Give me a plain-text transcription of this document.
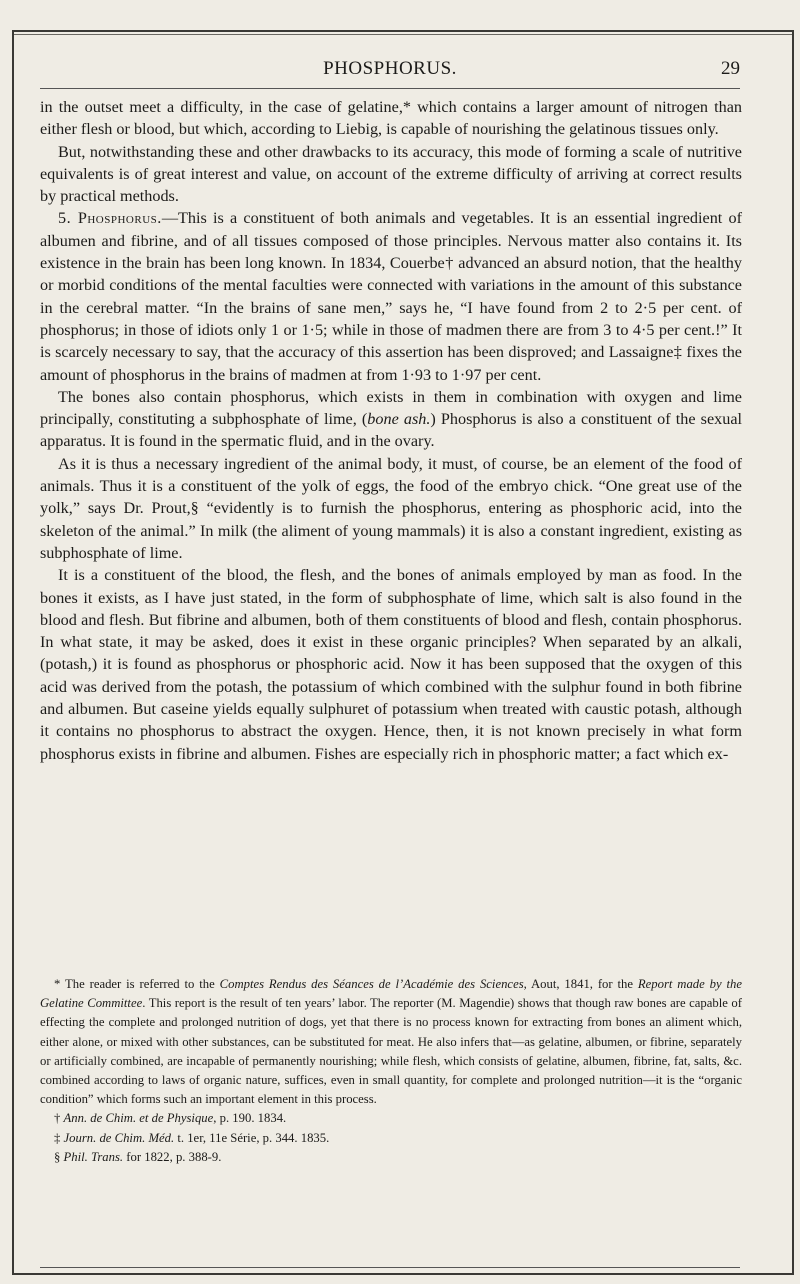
PHOSPHORUS.	29

in the outset meet a difficulty, in the case of gelatine,* which contains a larger amount of nitrogen than either flesh or blood, but which, according to Liebig, is capable of nourishing the gelatinous tissues only.

But, notwithstanding these and other drawbacks to its accuracy, this mode of forming a scale of nutritive equivalents is of great interest and value, on account of the extreme difficulty of arriving at correct results by practical methods.

5. Phosphorus.—This is a constituent of both animals and vegetables. It is an essential ingredient of albumen and fibrine, and of all tissues composed of those principles. Nervous matter also contains it. Its existence in the brain has been long known. In 1834, Couerbe† advanced an absurd notion, that the healthy or morbid conditions of the mental faculties were connected with variations in the amount of this substance in the cerebral matter. “In the brains of sane men,” says he, “I have found from 2 to 2·5 per cent. of phosphorus; in those of idiots only 1 or 1·5; while in those of madmen there are from 3 to 4·5 per cent.!” It is scarcely necessary to say, that the accuracy of this assertion has been disproved; and Lassaigne‡ fixes the amount of phosphorus in the brains of madmen at from 1·93 to 1·97 per cent.

The bones also contain phosphorus, which exists in them in combination with oxygen and lime principally, constituting a subphosphate of lime, (bone ash.) Phosphorus is also a constituent of the sexual apparatus. It is found in the spermatic fluid, and in the ovary.

As it is thus a necessary ingredient of the animal body, it must, of course, be an element of the food of animals. Thus it is a constituent of the yolk of eggs, the food of the embryo chick. “One great use of the yolk,” says Dr. Prout,§ “evidently is to furnish the phosphorus, entering as phosphoric acid, into the skeleton of the animal.” In milk (the aliment of young mammals) it is also a constant ingredient, existing as subphosphate of lime.

It is a constituent of the blood, the flesh, and the bones of animals employed by man as food. In the bones it exists, as I have just stated, in the form of subphosphate of lime, which salt is also found in the blood and flesh. But fibrine and albumen, both of them constituents of blood and flesh, contain phosphorus. In what state, it may be asked, does it exist in these organic principles? When separated by an alkali, (potash,) it is found as phosphorus or phosphoric acid. Now it has been supposed that the oxygen of this acid was derived from the potash, the potassium of which combined with the sulphur found in both fibrine and albumen. But caseine yields equally sulphuret of potassium when treated with caustic potash, although it contains no phosphorus to abstract the oxygen. Hence, then, it is not known precisely in what form phosphorus exists in fibrine and albumen. Fishes are especially rich in phosphoric matter; a fact which ex-

* The reader is referred to the Comptes Rendus des Séances de l’Académie des Sciences, Aout, 1841, for the Report made by the Gelatine Committee. This report is the result of ten years’ labor. The reporter (M. Magendie) shows that though raw bones are capable of effecting the complete and prolonged nutrition of dogs, yet that there is no process known for extracting from bones an aliment which, either alone, or mixed with other substances, can be substituted for meat. He also infers that—as gelatine, albumen, or fibrine, separately or artificially combined, are incapable of permanently nourishing; while flesh, which consists of gelatine, albumen, fibrine, fat, salts, &c. combined according to laws of organic nature, suffices, even in small quantity, for complete and prolonged nutrition—it is the “organic condition” which forms such an important element in this process.

† Ann. de Chim. et de Physique, p. 190. 1834.

‡ Journ. de Chim. Méd. t. 1er, 11e Série, p. 344. 1835.

§ Phil. Trans. for 1822, p. 388-9.
